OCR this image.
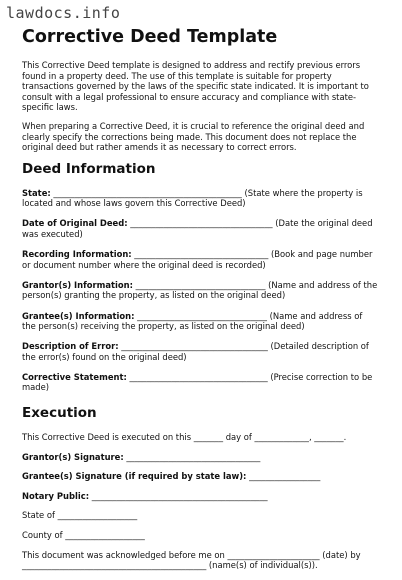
lawdocs.info
Corrective Deed Template

This Corrective Deed template is designed to address and rectify previous errors found in a property deed. The use of this template is suitable for property transactions governed by the laws of the specific state indicated. It is important to consult with a legal professional to ensure accuracy and compliance with state-specific laws.

When preparing a Corrective Deed, it is crucial to reference the original deed and clearly specify the corrections being made. This document does not replace the original deed but rather amends it as necessary to correct errors.

Deed Information
State: _____________________________________________ (State where the property is located and whose laws govern this Corrective Deed)
Date of Original Deed: __________________________________ (Date the original deed was executed)
Recording Information: ________________________________ (Book and page number or document number where the original deed is recorded)
Grantor(s) Information: _______________________________ (Name and address of the person(s) granting the property, as listed on the original deed)
Grantee(s) Information: _______________________________ (Name and address of the person(s) receiving the property, as listed on the original deed)
Description of Error: ___________________________________ (Detailed description of the error(s) found on the original deed)
Corrective Statement: _________________________________ (Precise correction to be made)
Execution
This Corrective Deed is executed on this _______ day of _____________, _______.
Grantor(s) Signature: ________________________________
Grantee(s) Signature (if required by state law): _________________
Notary Public: __________________________________________
State of ___________________
County of ___________________
This document was acknowledged before me on ______________________ (date) by ____________________________________________ (name(s) of individual(s)).
